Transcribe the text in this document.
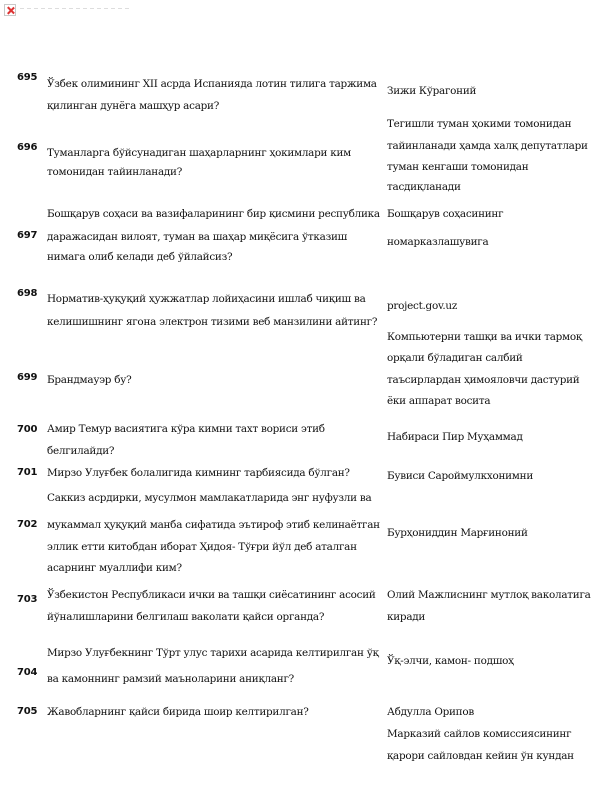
695
Ўзбек олимининг XII асрда Испанияда лотин тилига таржима
қилинган дунёга машҳур асари?
Зижи Кўрагоний
696 Туманларга бўйсунадиган шаҳарларнинг ҳокимлари ким
томонидан тайинланади?
Тегишли туман ҳокими томонидан
тайинланади ҳамда халқ депутатлари
туман кенгаши томонидан
тасдиқланади
697
Бошқарув соҳаси ва вазифаларининг бир қисмини республика
даражасидан вилоят, туман ва шаҳар миқёсига ўтказиш
нимага олиб келади деб ўйлайсиз?
Бошқарув соҳасининг
номарказлашувига
698 Норматив-ҳуқуқий ҳужжатлар лойиҳасини ишлаб чиқиш ва
келишишнинг ягона электрон тизими веб манзилини айтинг?
project.gov.uz
699 Брандмауэр бу?
Компьютерни ташқи ва ички тармоқ
орқали бўладиган салбий
таъсирлардан ҳимояловчи дастурий
ёки аппарат восита
700 Амир Темур васиятига кўра кимни тахт вориси этиб
белгилайди?
Набираси Пир Муҳаммад
701 Мирзо Улуғбек болалигида кимнинг тарбиясида бўлган?	Бувиси Сароймулкхонимни
702
Саккиз асрдирки, мусулмон мамлакатларида энг нуфузли ва
мукаммал ҳуқуқий манба сифатида эътироф этиб келинаётган
эллик етти китобдан иборат Ҳидоя- Тўғри йўл деб аталган
асарнинг муаллифи ким?
Бурҳониддин Марғиноний
703 Ўзбекистон Республикаси ички ва ташқи сиёсатининг асосий
йўналишларини белгилаш ваколати қайси органда?
Олий Мажлиснинг мутлоқ ваколатига
киради
704
Мирзо Улуғбекнинг Тўрт улус тарихи асарида келтирилган ўқ
ва камоннинг рамзий маъноларини аниқланг?
Ўқ-элчи, камон- подшоҳ
705 Жавобларнинг қайси бирида шоир келтирилган?	Абдулла Орипов
Марказий сайлов комиссиясининг
қарори сайловдан кейин ўн кундан
